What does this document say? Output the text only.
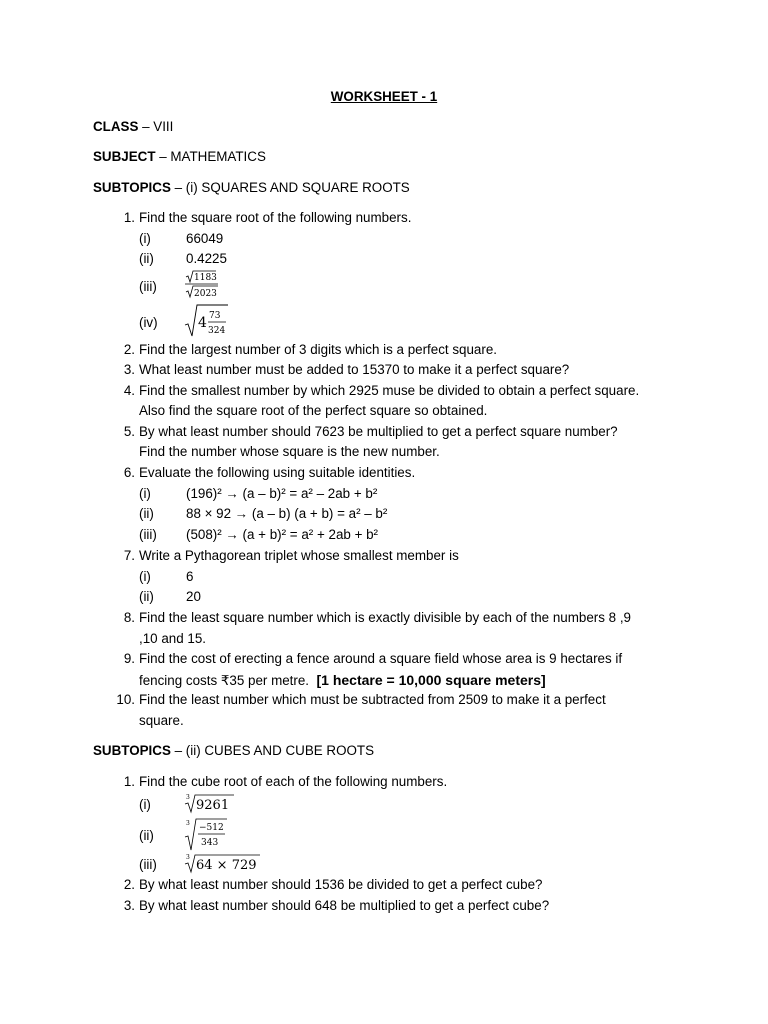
WORKSHEET - 1
CLASS – VIII
SUBJECT – MATHEMATICS
SUBTOPICS – (i) SQUARES AND SQUARE ROOTS
1. Find the square root of the following numbers.
(i)	66049
(ii) 0.4225
(iii)
1183
2023
(iv)	4 73
324
2. Find the largest number of 3 digits which is a perfect square.
3. What least number must be added to 15370 to make it a perfect square?
4. Find the smallest number by which 2925 muse be divided to obtain a perfect square.
Also find the square root of the perfect square so obtained.
5. By what least number should 7623 be multiplied to get a perfect square number?
Find the number whose square is the new number.
6. Evaluate the following using suitable identities.
(i)	(196)² → (a – b)² = a² – 2ab + b²
(ii) 88 × 92 → (a – b) (a + b) = a² – b²
(iii) (508)² → (a + b)² = a² + 2ab + b²
7. Write a Pythagorean triplet whose smallest member is
(i)	6
(ii) 20
8. Find the least square number which is exactly divisible by each of the numbers 8 ,9
,10 and 15.
9. Find the cost of erecting a fence around a square field whose area is 9 hectares if
fencing costs ₹35 per metre. [1 hectare = 10,000 square meters]
10. Find the least number which must be subtracted from 2509 to make it a perfect
square.
SUBTOPICS – (ii) CUBES AND CUBE ROOTS
1. Find the cube root of each of the following numbers.
(i)	3
9261
(ii)
3 −512
343
(iii)	3
64 × 729
2. By what least number should 1536 be divided to get a perfect cube?
3. By what least number should 648 be multiplied to get a perfect cube?
